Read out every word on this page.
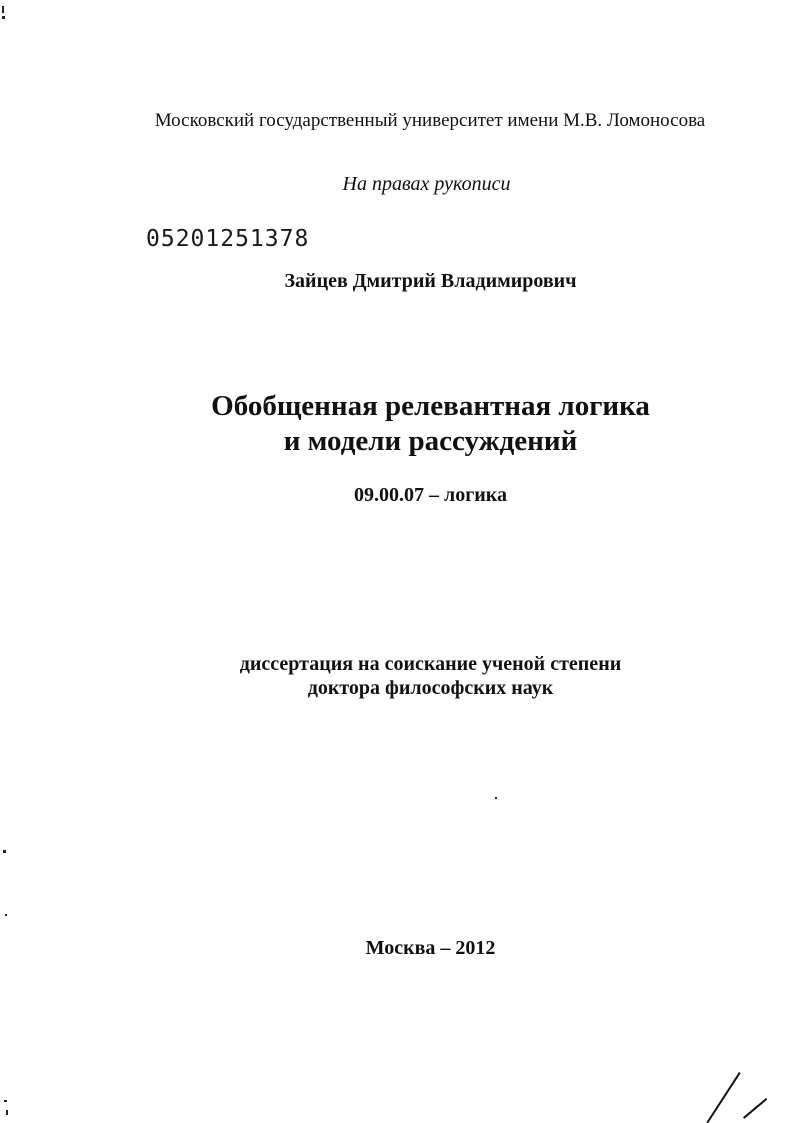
Московский государственный университет имени М.В. Ломоносова
На правах рукописи
05201251378
Зайцев Дмитрий Владимирович
Обобщенная релевантная логика
и модели рассуждений
09.00.07 – логика
диссертация на соискание ученой степени
доктора философских наук
Москва – 2012
